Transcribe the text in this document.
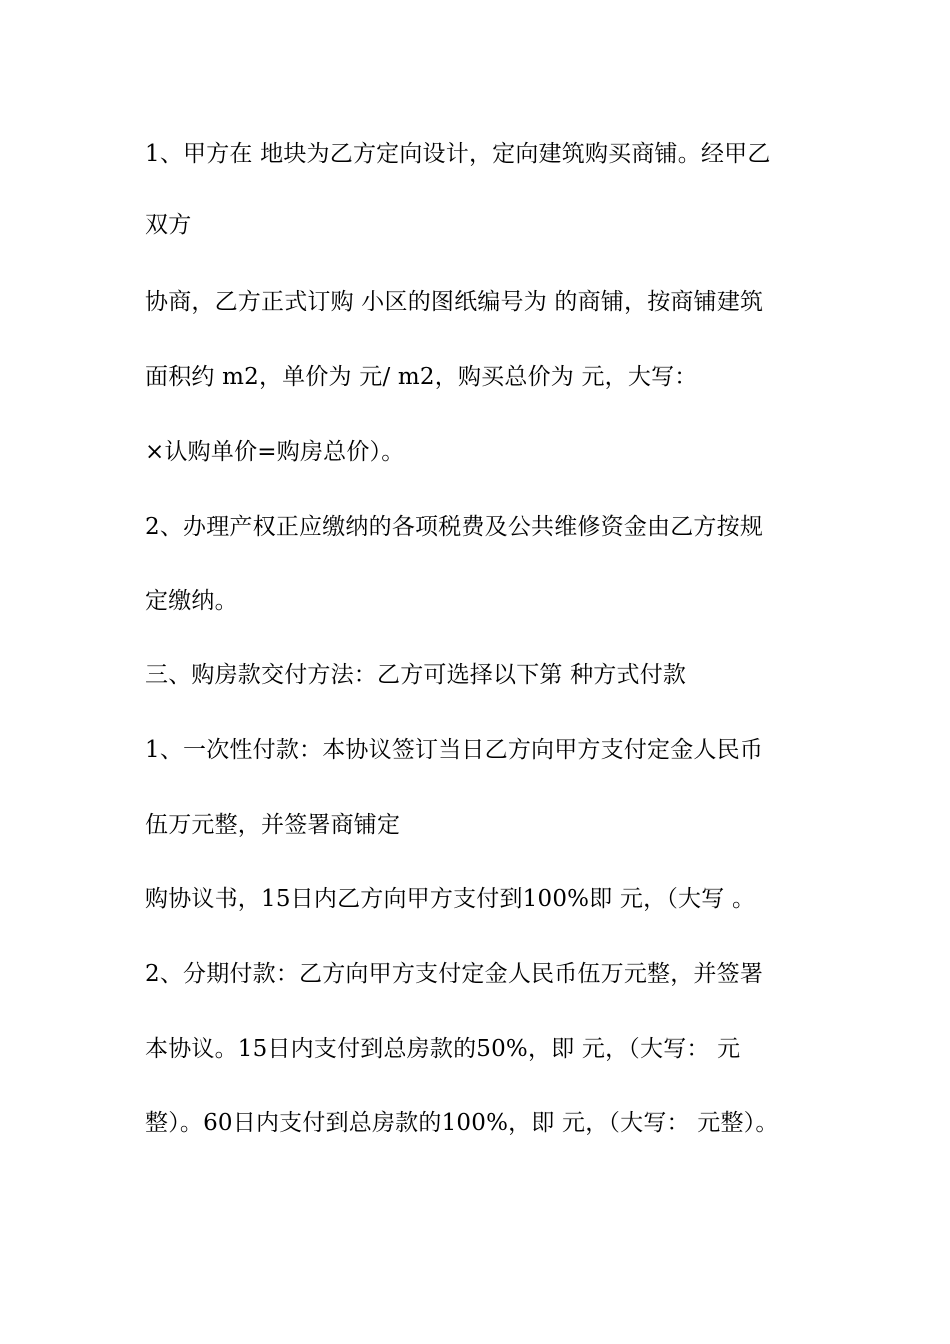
1、甲方在 地块为乙方定向设计，定向建筑购买商铺。经甲乙
双方
协商，乙方正式订购 小区的图纸编号为 的商铺，按商铺建筑
面积约 m2，单价为 元/ m2，购买总价为 元，大写：
×认购单价=购房总价）。
2、办理产权正应缴纳的各项税费及公共维修资金由乙方按规
定缴纳。
三、购房款交付方法：乙方可选择以下第 种方式付款
1、一次性付款：本协议签订当日乙方向甲方支付定金人民币
伍万元整，并签署商铺定
购协议书，15日内乙方向甲方支付到100%即 元，（大写 。
2、分期付款：乙方向甲方支付定金人民币伍万元整，并签署
本协议。15日内支付到总房款的50%，即 元，（大写： 元
整）。60日内支付到总房款的100%，即 元，（大写： 元整）。
